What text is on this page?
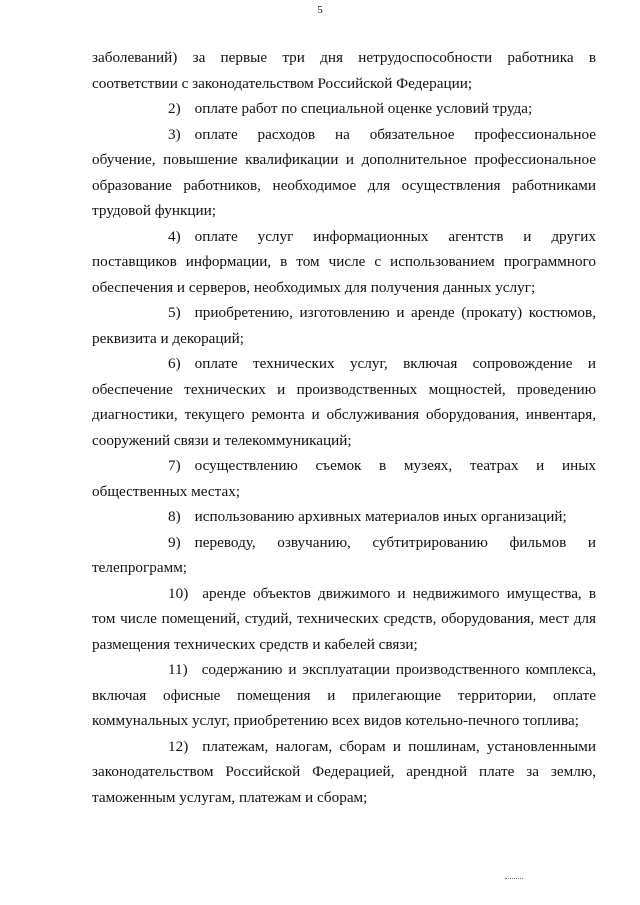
5

заболеваний) за первые три дня нетрудоспособности работника в соответствии с законодательством Российской Федерации;

2) оплате работ по специальной оценке условий труда;

3) оплате расходов на обязательное профессиональное обучение, повышение квалификации и дополнительное профессиональное образование работников, необходимое для осуществления работниками трудовой функции;

4) оплате услуг информационных агентств и других поставщиков информации, в том числе с использованием программного обеспечения и серверов, необходимых для получения данных услуг;

5) приобретению, изготовлению и аренде (прокату) костюмов, реквизита и декораций;

6) оплате технических услуг, включая сопровождение и обеспечение технических и производственных мощностей, проведению диагностики, текущего ремонта и обслуживания оборудования, инвентаря, сооружений связи и телекоммуникаций;

7) осуществлению съемок в музеях, театрах и иных общественных местах;

8) использованию архивных материалов иных организаций;

9) переводу, озвучанию, субтитрированию фильмов и телепрограмм;

10) аренде объектов движимого и недвижимого имущества, в том числе помещений, студий, технических средств, оборудования, мест для размещения технических средств и кабелей связи;

11) содержанию и эксплуатации производственного комплекса, включая офисные помещения и прилегающие территории, оплате коммунальных услуг, приобретению всех видов котельно-печного топлива;

12) платежам, налогам, сборам и пошлинам, установленными законодательством Российской Федерацией, арендной плате за землю, таможенным услугам, платежам и сборам;
